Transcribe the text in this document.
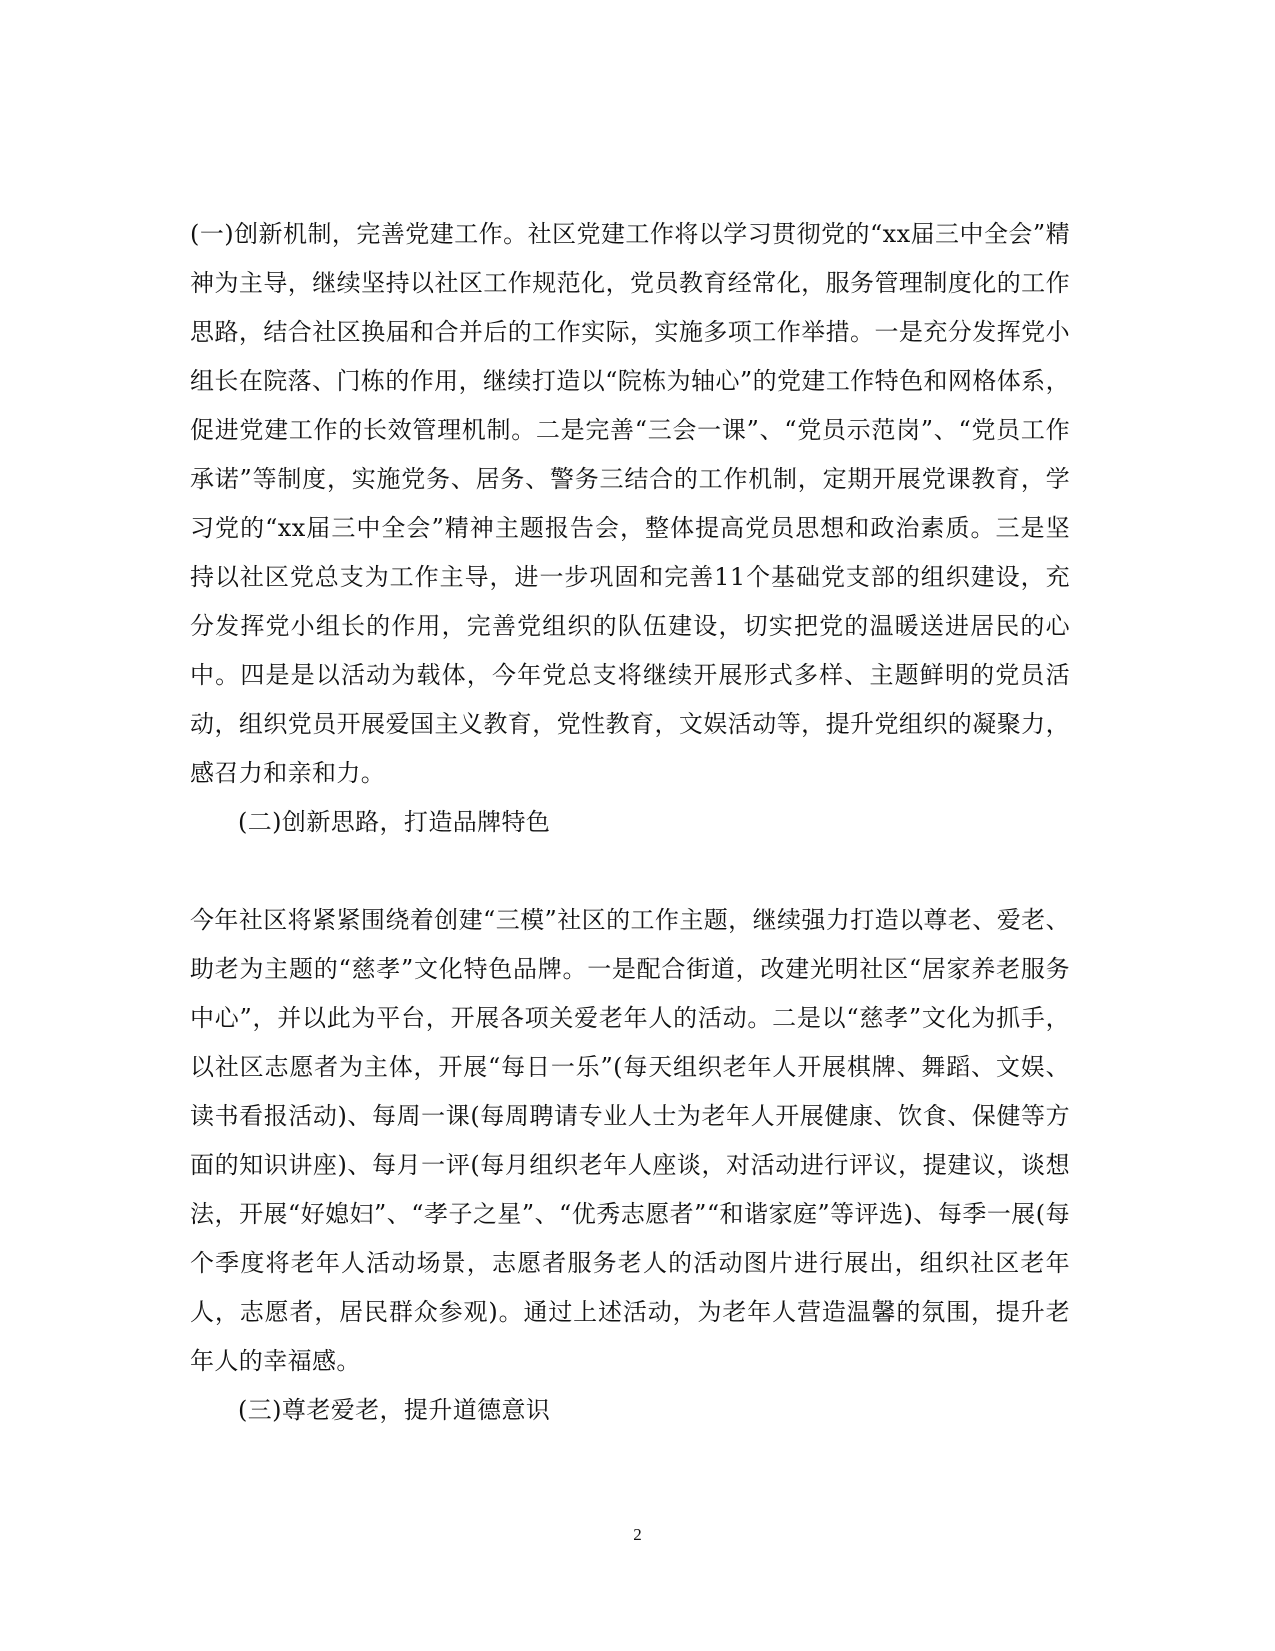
(一)创新机制，完善党建工作。社区党建工作将以学习贯彻党的“xx届三中全会”精神为主导，继续坚持以社区工作规范化，党员教育经常化，服务管理制度化的工作思路，结合社区换届和合并后的工作实际，实施多项工作举措。一是充分发挥党小组长在院落、门栋的作用，继续打造以“院栋为轴心”的党建工作特色和网格体系，促进党建工作的长效管理机制。二是完善“三会一课”、“党员示范岗”、“党员工作承诺”等制度，实施党务、居务、警务三结合的工作机制，定期开展党课教育，学习党的“xx届三中全会”精神主题报告会，整体提高党员思想和政治素质。三是坚持以社区党总支为工作主导，进一步巩固和完善11个基础党支部的组织建设，充分发挥党小组长的作用，完善党组织的队伍建设，切实把党的温暖送进居民的心中。四是是以活动为载体，今年党总支将继续开展形式多样、主题鲜明的党员活动，组织党员开展爱国主义教育，党性教育，文娱活动等，提升党组织的凝聚力，感召力和亲和力。

(二)创新思路，打造品牌特色

今年社区将紧紧围绕着创建“三模”社区的工作主题，继续强力打造以尊老、爱老、助老为主题的“慈孝”文化特色品牌。一是配合街道，改建光明社区“居家养老服务中心”，并以此为平台，开展各项关爱老年人的活动。二是以“慈孝”文化为抓手，以社区志愿者为主体，开展“每日一乐”(每天组织老年人开展棋牌、舞蹈、文娱、读书看报活动)、每周一课(每周聘请专业人士为老年人开展健康、饮食、保健等方面的知识讲座)、每月一评(每月组织老年人座谈，对活动进行评议，提建议，谈想法，开展“好媳妇”、“孝子之星”、“优秀志愿者”“和谐家庭”等评选)、每季一展(每个季度将老年人活动场景，志愿者服务老人的活动图片进行展出，组织社区老年人，志愿者，居民群众参观)。通过上述活动，为老年人营造温馨的氛围，提升老年人的幸福感。

(三)尊老爱老，提升道德意识

2
